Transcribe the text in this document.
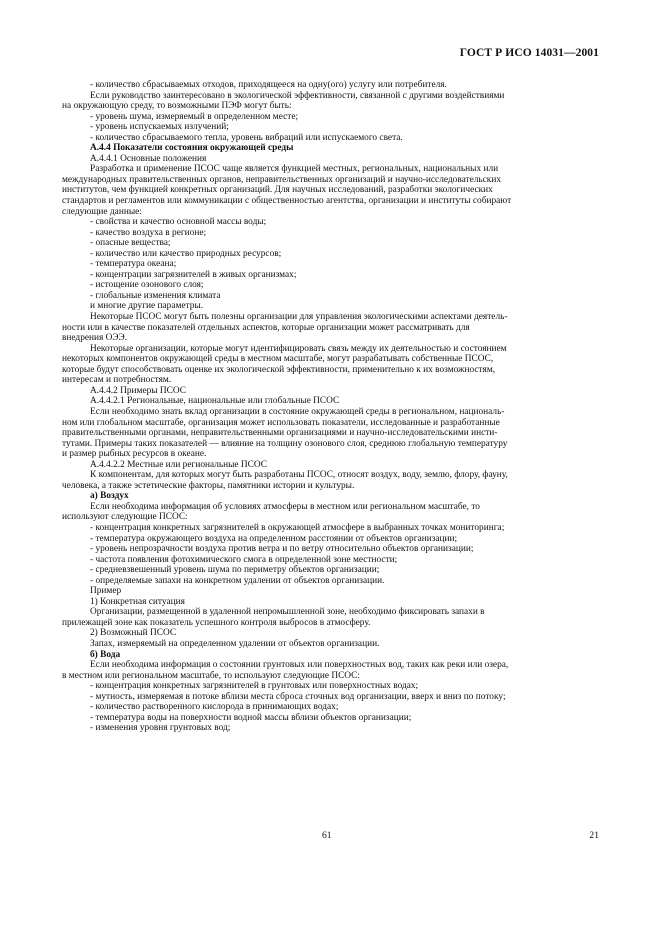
ГОСТ Р ИСО 14031—2001

- количество сбрасываемых отходов, приходящееся на одну(ого) услугу или потребителя.

Если руководство заинтересовано в экологической эффективности, связанной с другими воздействиями

на окружающую среду, то возможными ПЭФ могут быть:

- уровень шума, измеряемый в определенном месте;

- уровень испускаемых излучений;

- количество сбрасываемого тепла, уровень вибраций или испускаемого света.

А.4.4 Показатели состояния окружающей среды

А.4.4.1 Основные положения

Разработка и применение ПСОС чаще является функцией местных, региональных, национальных или

международных правительственных органов, неправительственных организаций и научно-исследовательских

институтов, чем функцией конкретных организаций. Для научных исследований, разработки экологических

стандартов и регламентов или коммуникации с общественностью агентства, организации и институты собирают

следующие данные:

- свойства и качество основной массы воды;

- качество воздуха в регионе;

- опасные вещества;

- количество или качество природных ресурсов;

- температура океана;

- концентрации загрязнителей в живых организмах;

- истощение озонового слоя;

- глобальные изменения климата

и многие другие параметры.

Некоторые ПСОС могут быть полезны организации для управления экологическими аспектами деятель-

ности или в качестве показателей отдельных аспектов, которые организации может рассматривать для

внедрения ОЭЭ.

Некоторые организации, которые могут идентифицировать связь между их деятельностью и состоянием

некоторых компонентов окружающей среды в местном масштабе, могут разрабатывать собственные ПСОС,

которые будут способствовать оценке их экологической эффективности, применительно к их возможностям,

интересам и потребностям.

А.4.4.2 Примеры ПСОС

А.4.4.2.1 Региональные, национальные или глобальные ПСОС

Если необходимо знать вклад организации в состояние окружающей среды в региональном, националь-

ном или глобальном масштабе, организация может использовать показатели, исследованные и разработанные

правительственными органами, неправительственными организациями и научно-исследовательскими инсти-

тутами. Примеры таких показателей — влияние на толщину озонового слоя, среднюю глобальную температуру

и размер рыбных ресурсов в океане.

А.4.4.2.2 Местные или региональные ПСОС

К компонентам, для которых могут быть разработаны ПСОС, относят воздух, воду, землю, флору, фауну,

человека, а также эстетические факторы, памятники истории и культуры.

а) Воздух

Если необходима информация об условиях атмосферы в местном или региональном масштабе, то

используют следующие ПСОС:

- концентрация конкретных загрязнителей в окружающей атмосфере в выбранных точках мониторинга;

- температура окружающего воздуха на определенном расстоянии от объектов организации;

- уровень непрозрачности воздуха против ветра и по ветру относительно объектов организации;

- частота появления фотохимического смога в определенной зоне местности;

- средневзвешенный уровень шума по периметру объектов организации;

- определяемые запахи на конкретном удалении от объектов организации.

Пример

1) Конкретная ситуация

Организации, размещенной в удаленной непромышленной зоне, необходимо фиксировать запахи в

прилежащей зоне как показатель успешного контроля выбросов в атмосферу.

2) Возможный ПСОС

Запах, измеряемый на определенном удалении от объектов организации.

б) Вода

Если необходима информация о состоянии грунтовых или поверхностных вод, таких как реки или озера,

в местном или региональном масштабе, то используют следующие ПСОС:

- концентрация конкретных загрязнителей в грунтовых или поверхностных водах;

- мутность, измеряемая в потоке вблизи места сброса сточных вод организации, вверх и вниз по потоку;

- количество растворенного кислорода в принимающих водах;

- температура воды на поверхности водной массы вблизи объектов организации;

- изменения уровня грунтовых вод;

61	21
